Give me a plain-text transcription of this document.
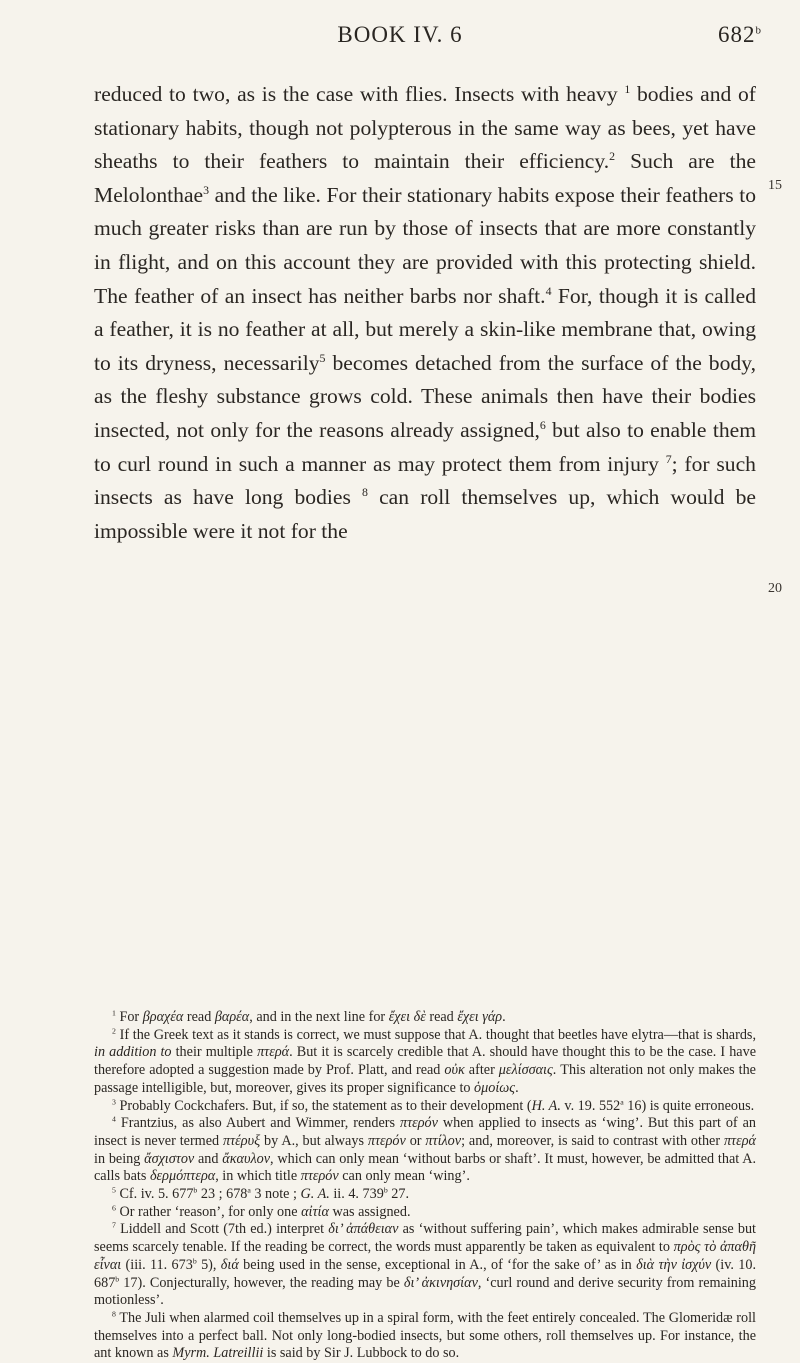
BOOK IV. 6	682$^b$
15
20

reduced to two, as is the case with flies. Insects with heavy $^1$ bodies and of stationary habits, though not polypterous in the same way as bees, yet have sheaths to their feathers to maintain their efficiency.$^2$ Such are the Melolonthae$^3$ and the like. For their stationary habits expose their feathers to much greater risks than are run by those of insects that are more constantly in flight, and on this account they are provided with this protecting shield. The feather of an insect has neither barbs nor shaft.$^4$ For, though it is called a feather, it is no feather at all, but merely a skin-like membrane that, owing to its dryness, necessarily$^5$ becomes detached from the surface of the body, as the fleshy substance grows cold. These animals then have their bodies insected, not only for the reasons already assigned,$^6$ but also to enable them to curl round in such a manner as may protect them from injury $^7$; for such insects as have long bodies $^8$ can roll themselves up, which would be impossible were it not for the

$^1$ For βραχέα read βαρέα, and in the next line for ἔχει δὲ read ἔχει γάρ.

$^2$ If the Greek text as it stands is correct, we must suppose that A. thought that beetles have elytra—that is shards, in addition to their multiple πτερά. But it is scarcely credible that A. should have thought this to be the case. I have therefore adopted a suggestion made by Prof. Platt, and read οὐκ after μελίσσαις. This alteration not only makes the passage intelligible, but, moreover, gives its proper significance to ὁμοίως.

$^3$ Probably Cockchafers. But, if so, the statement as to their development (H. A. v. 19. 552$^a$ 16) is quite erroneous.

$^4$ Frantzius, as also Aubert and Wimmer, renders πτερόν when applied to insects as ‘wing’. But this part of an insect is never termed πτέρυξ by A., but always πτερόν or πτίλον; and, moreover, is said to contrast with other πτερά in being ἄσχιστον and ἄκαυλον, which can only mean ‘without barbs or shaft’. It must, however, be admitted that A. calls bats δερμόπτερα, in which title πτερόν can only mean ‘wing’.

$^5$ Cf. iv. 5. 677$^b$ 23 ; 678$^a$ 3 note ; G. A. ii. 4. 739$^b$ 27.

$^6$ Or rather ‘reason’, for only one αἰτία was assigned.

$^7$ Liddell and Scott (7th ed.) interpret δι’ ἀπάθειαν as ‘without suffering pain’, which makes admirable sense but seems scarcely tenable. If the reading be correct, the words must apparently be taken as equivalent to πρὸς τὸ ἀπαθῆ εἶναι (iii. 11. 673$^b$ 5), διά being used in the sense, exceptional in A., of ‘for the sake of’ as in διὰ τὴν ἰσχύν (iv. 10. 687$^b$ 17). Conjecturally, however, the reading may be δι’ ἀκινησίαν, ‘curl round and derive security from remaining motionless’.

$^8$ The Juli when alarmed coil themselves up in a spiral form, with the feet entirely concealed. The Glomeridæ roll themselves into a perfect ball. Not only long-bodied insects, but some others, roll themselves up. For instance, the ant known as Myrm. Latreillii is said by Sir J. Lubbock to do so.
